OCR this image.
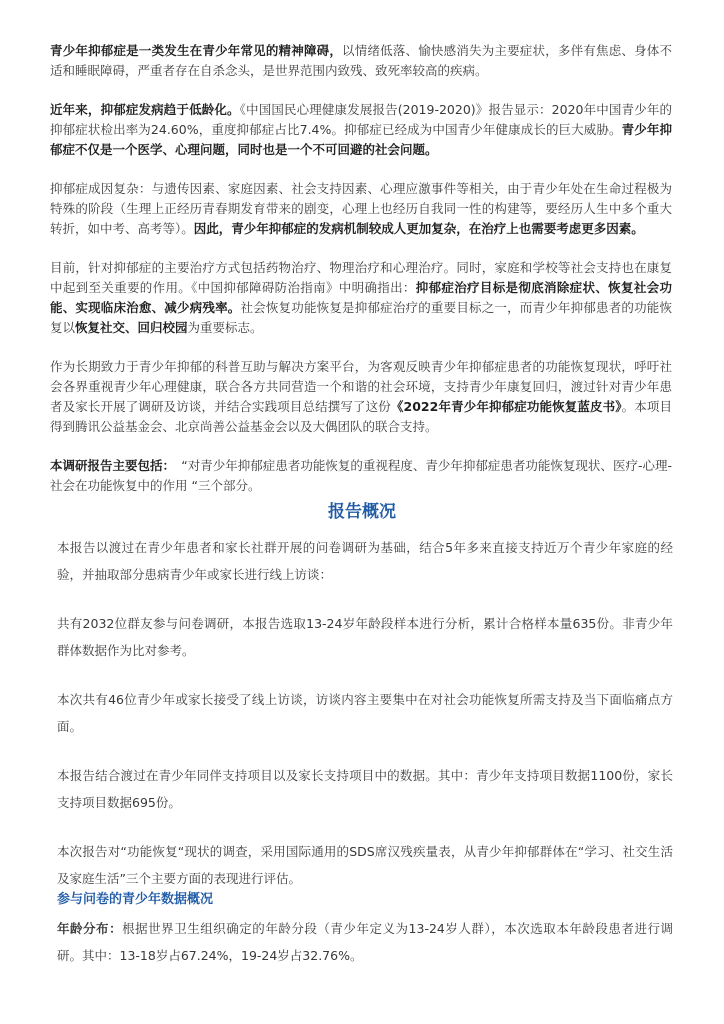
青少年抑郁症是一类发生在青少年常见的精神障碍，以情绪低落、愉快感消失为主要症状，多伴有焦虑、身体不适和睡眠障碍，严重者存在自杀念头，是世界范围内致残、致死率较高的疾病。

近年来，抑郁症发病趋于低龄化。《中国国民心理健康发展报告(2019-2020)》报告显示：2020年中国青少年的抑郁症状检出率为24.60%，重度抑郁症占比7.4%。抑郁症已经成为中国青少年健康成长的巨大威胁。青少年抑郁症不仅是一个医学、心理问题，同时也是一个不可回避的社会问题。

抑郁症成因复杂：与遗传因素、家庭因素、社会支持因素、心理应激事件等相关，由于青少年处在生命过程极为特殊的阶段（生理上正经历青春期发育带来的剧变，心理上也经历自我同一性的构建等，要经历人生中多个重大转折，如中考、高考等）。因此，青少年抑郁症的发病机制较成人更加复杂，在治疗上也需要考虑更多因素。

目前，针对抑郁症的主要治疗方式包括药物治疗、物理治疗和心理治疗。同时，家庭和学校等社会支持也在康复中起到至关重要的作用。《中国抑郁障碍防治指南》中明确指出：抑郁症治疗目标是彻底消除症状、恢复社会功能、实现临床治愈、减少病残率。社会恢复功能恢复是抑郁症治疗的重要目标之一，而青少年抑郁患者的功能恢复以恢复社交、回归校园为重要标志。

作为长期致力于青少年抑郁的科普互助与解决方案平台，为客观反映青少年抑郁症患者的功能恢复现状，呼吁社会各界重视青少年心理健康，联合各方共同营造一个和谐的社会环境，支持青少年康复回归，渡过针对青少年患者及家长开展了调研及访谈，并结合实践项目总结撰写了这份《2022年青少年抑郁症功能恢复蓝皮书》。本项目得到腾讯公益基金会、北京尚善公益基金会以及大偶团队的联合支持。

本调研报告主要包括：　“对青少年抑郁症患者功能恢复的重视程度、青少年抑郁症患者功能恢复现状、医疗-心理-社会在功能恢复中的作用 “三个部分。

报告概况

本报告以渡过在青少年患者和家长社群开展的问卷调研为基础，结合5年多来直接支持近万个青少年家庭的经验，并抽取部分患病青少年或家长进行线上访谈：

共有2032位群友参与问卷调研，本报告选取13-24岁年龄段样本进行分析，累计合格样本量635份。非青少年群体数据作为比对参考。

本次共有46位青少年或家长接受了线上访谈，访谈内容主要集中在对社会功能恢复所需支持及当下面临痛点方面。

本报告结合渡过在青少年同伴支持项目以及家长支持项目中的数据。其中：青少年支持项目数据1100份，家长支持项目数据695份。

本次报告对“功能恢复“现状的调查，采用国际通用的SDS席汉残疾量表，从青少年抑郁群体在“学习、社交生活及家庭生活”三个主要方面的表现进行评估。

参与问卷的青少年数据概况

年龄分布：根据世界卫生组织确定的年龄分段（青少年定义为13-24岁人群），本次选取本年龄段患者进行调研。其中：13-18岁占67.24%，19-24岁占32.76%。
